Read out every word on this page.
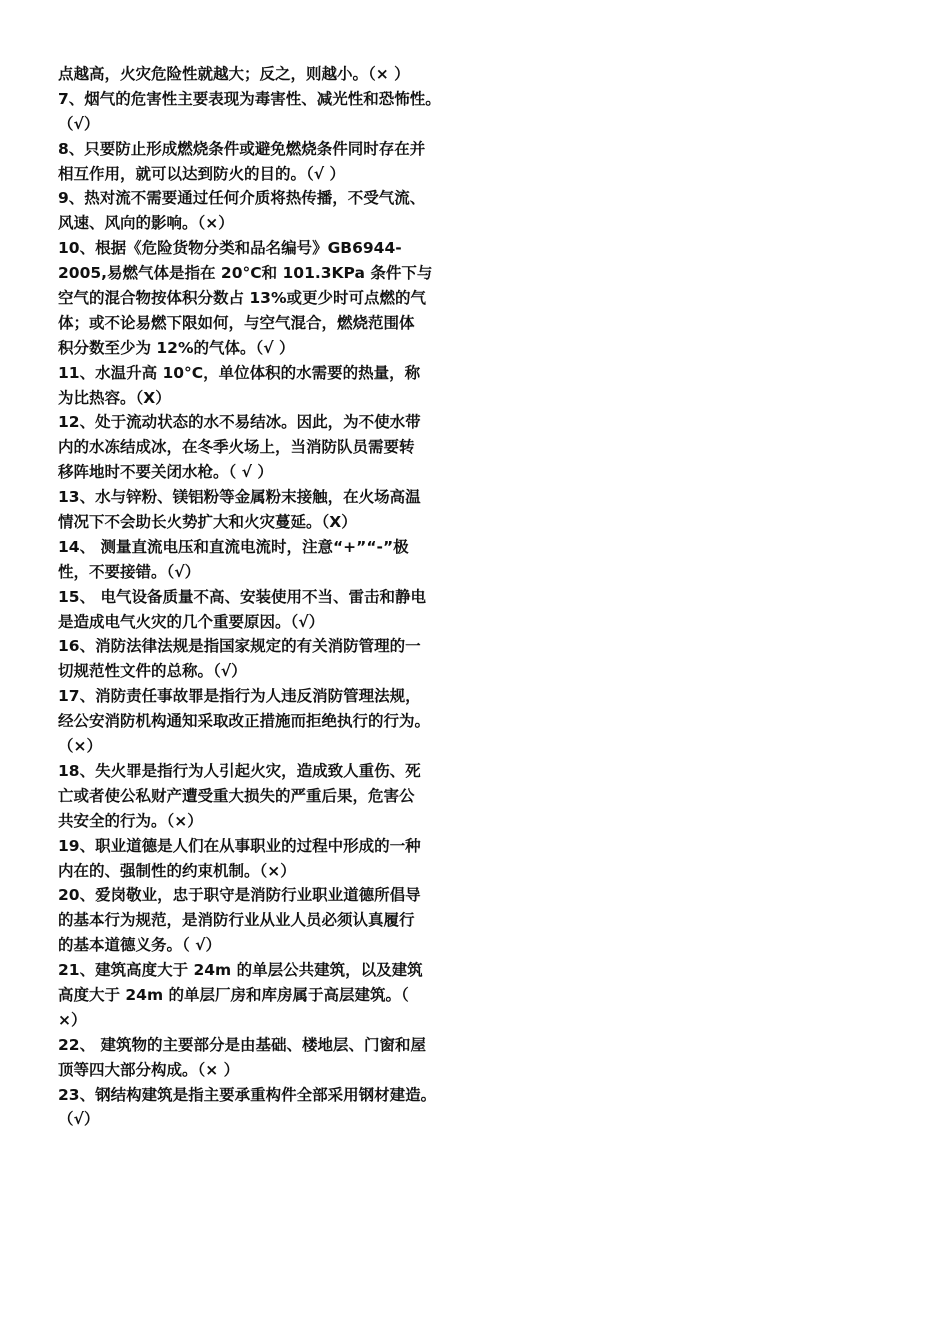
点越高，火灾危险性就越大；反之，则越小。（× ）
7、烟气的危害性主要表现为毒害性、减光性和恐怖性。
（√）
8、只要防止形成燃烧条件或避免燃烧条件同时存在并
相互作用，就可以达到防火的目的。（√ ）
9、热对流不需要通过任何介质将热传播，不受气流、
风速、风向的影响。（×）
10、根据《危险货物分类和品名编号》GB6944-
2005,易燃气体是指在 20°C和 101.3KPa 条件下与
空气的混合物按体积分数占 13%或更少时可点燃的气
体；或不论易燃下限如何，与空气混合，燃烧范围体
积分数至少为 12%的气体。（√ ）
11、水温升高 10°C，单位体积的水需要的热量，称
为比热容。（X）
12、处于流动状态的水不易结冰。因此，为不使水带
内的水冻结成冰，在冬季火场上，当消防队员需要转
移阵地时不要关闭水枪。（ √ ）
13、水与锌粉、镁铝粉等金属粉末接触，在火场高温
情况下不会助长火势扩大和火灾蔓延。（X）
14、 测量直流电压和直流电流时，注意“+”“-”极
性，不要接错。（√）
15、 电气设备质量不高、安装使用不当、雷击和静电
是造成电气火灾的几个重要原因。（√）
16、消防法律法规是指国家规定的有关消防管理的一
切规范性文件的总称。（√）
17、消防责任事故罪是指行为人违反消防管理法规，
经公安消防机构通知采取改正措施而拒绝执行的行为。
（×）
18、失火罪是指行为人引起火灾，造成致人重伤、死
亡或者使公私财产遭受重大损失的严重后果，危害公
共安全的行为。（×）
19、职业道德是人们在从事职业的过程中形成的一种
内在的、强制性的约束机制。（×）
20、爱岗敬业，忠于职守是消防行业职业道德所倡导
的基本行为规范，是消防行业从业人员必须认真履行
的基本道德义务。（ √）
21、建筑高度大于 24m 的单层公共建筑，以及建筑
高度大于 24m 的单层厂房和库房属于高层建筑。（
×）
22、 建筑物的主要部分是由基础、楼地层、门窗和屋
顶等四大部分构成。（× ）
23、钢结构建筑是指主要承重构件全部采用钢材建造。
（√）
